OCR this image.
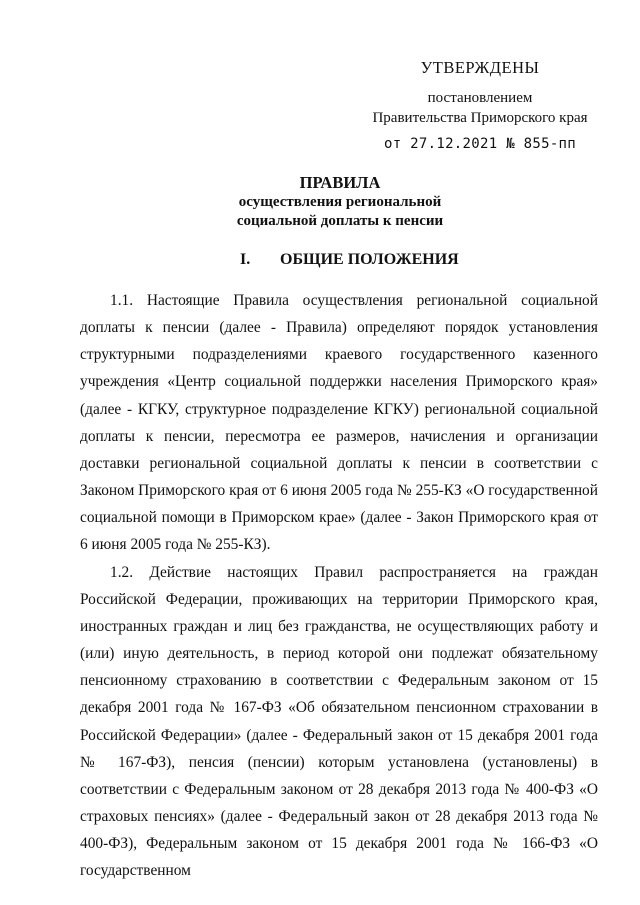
УТВЕРЖДЕНЫ
постановлением
Правительства Приморского края
от 27.12.2021 № 855-пп
ПРАВИЛА
осуществления региональной
социальной доплаты к пенсии
I. ОБЩИЕ ПОЛОЖЕНИЯ

1.1. Настоящие Правила осуществления региональной социальной доплаты к пенсии (далее - Правила) определяют порядок установления структурными подразделениями краевого государственного казенного учреждения «Центр социальной поддержки населения Приморского края» (далее - КГКУ, структурное подразделение КГКУ) региональной социальной доплаты к пенсии, пересмотра ее размеров, начисления и организации доставки региональной социальной доплаты к пенсии в соответствии с Законом Приморского края от 6 июня 2005 года № 255-КЗ «О государственной социальной помощи в Приморском крае» (далее - Закон Приморского края от 6 июня 2005 года № 255-КЗ).

1.2. Действие настоящих Правил распространяется на граждан Российской Федерации, проживающих на территории Приморского края, иностранных граждан и лиц без гражданства, не осуществляющих работу и (или) иную деятельность, в период которой они подлежат обязательному пенсионному страхованию в соответствии с Федеральным законом от 15 декабря 2001 года № 167-ФЗ «Об обязательном пенсионном страховании в Российской Федерации» (далее - Федеральный закон от 15 декабря 2001 года № 167-ФЗ), пенсия (пенсии) которым установлена (установлены) в соответствии с Федеральным законом от 28 декабря 2013 года № 400-ФЗ «О страховых пенсиях» (далее - Федеральный закон от 28 декабря 2013 года № 400-ФЗ), Федеральным законом от 15 декабря 2001 года № 166-ФЗ «О государственном
